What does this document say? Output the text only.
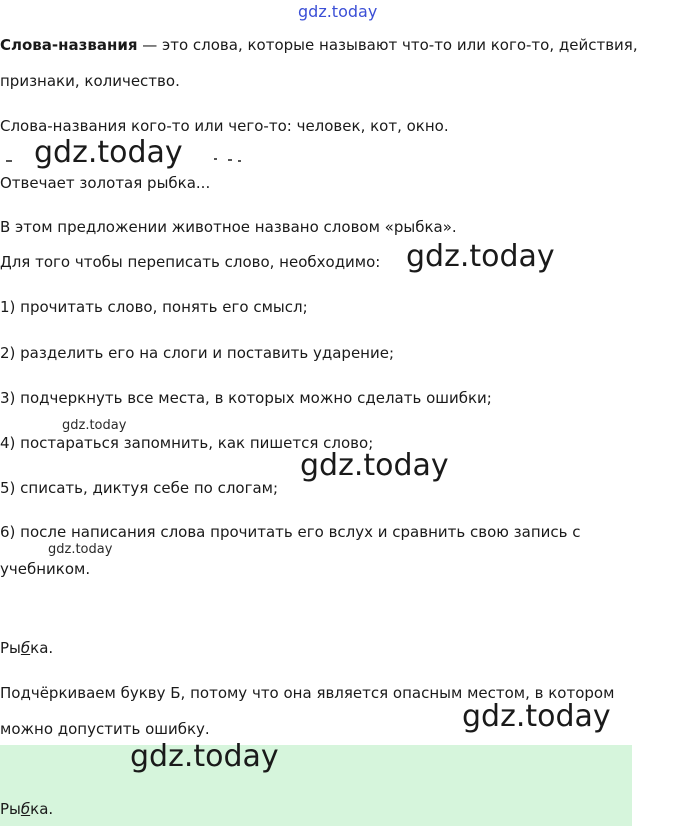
gdz.today
Слова-названия — это слова, которые называют что-то или кого-то, действия,
признаки, количество.
Слова-названия кого-то или чего-то: человек, кот, окно.
gdz.today
Отвечает золотая рыбка...
В этом предложении животное названо словом «рыбка».
Для того чтобы переписать слово, необходимо: gdz.today
1) прочитать слово, понять его смысл;
2) разделить его на слоги и поставить ударение;
3) подчеркнуть все места, в которых можно сделать ошибки;
gdz.today
4) постараться запомнить, как пишется слово;
gdz.today
5) списать, диктуя себе по слогам;
6) после написания слова прочитать его вслух и сравнить свою запись с
gdz.today
учебником.
Рыбка.
Подчёркиваем букву Б, потому что она является опасным местом, в котором
можно допустить ошибку.	gdz.today
gdz.today
Рыбка.
